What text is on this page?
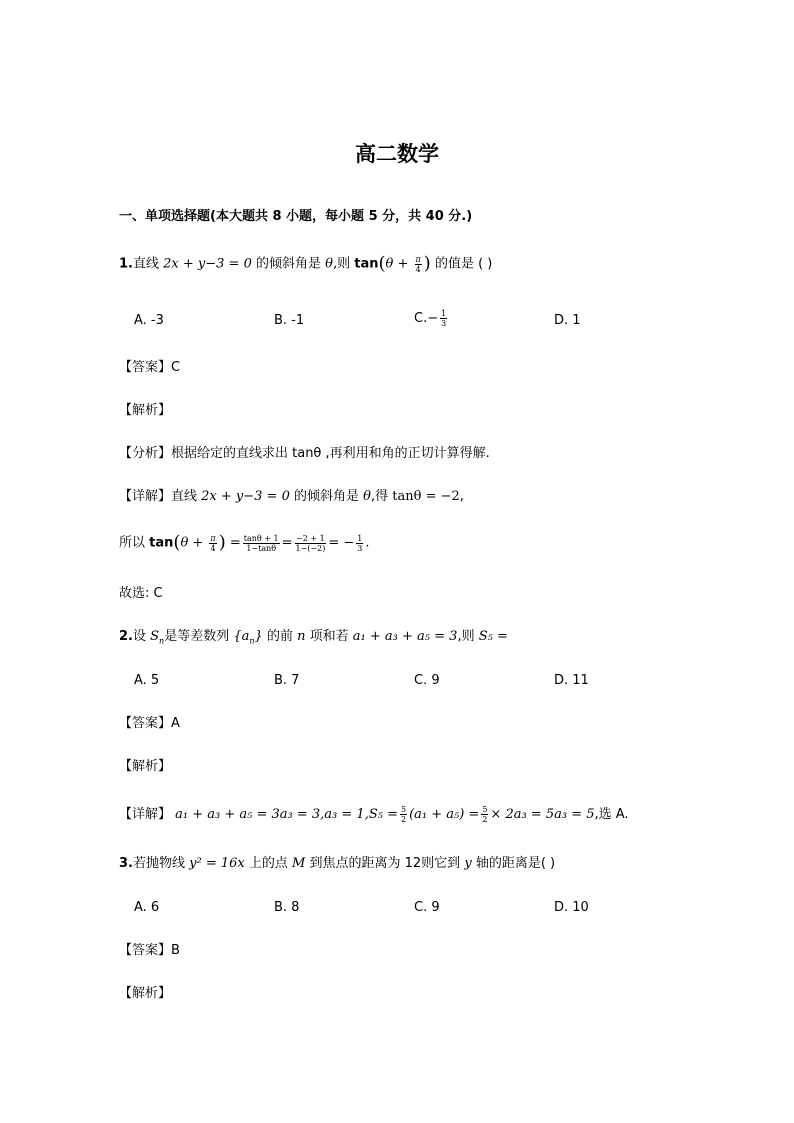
高二数学
一、单项选择题(本大题共 8 小题，每小题 5 分，共 40 分.)
1.直线 2x + y−3 = 0 的倾斜角是 θ,则 $\tan(\theta + \frac{\pi}{4}$ ) 的值是 ( )
A. -3	B. -1	$C.- \frac{1}{3}$	D. 1
【答案】C
【解析】
【分析】根据给定的直线求出 tanθ ,再利用和角的正切计算得解.
【详解】直线 2x + y−3 = 0 的倾斜角是 θ,得 tanθ = −2,
所以 $\tan(\theta + \frac{\pi}{4}$ ) = $\frac{\tan\theta + 1}{1-\tan\theta} = \frac{-2 + 1}{1-(-2)}$ = − $\frac{1}{3}$ .
故选: C
2.设 $S_n$是等差数列 $\{a_n\}$ 的前 n 项和若 a₁ + a₃ + a₅ = 3,则 S₅ =
A. 5	B. 7	C. 9	D. 11
【答案】A
【解析】
【详解】 $a_1 + a_3 + a_5 = 3a_3 = 3,a_3 = 1,S_5 = \frac{5}{2} (a_1 + a_5) = \frac{5}{2} \times 2a_3 = 5a_3 = 5$,选 A.
3.若抛物线 y² = 16x 上的点 M 到焦点的距离为 12则它到 y 轴的距离是( )
A. 6	B. 8	C. 9	D. 10
【答案】B
【解析】
